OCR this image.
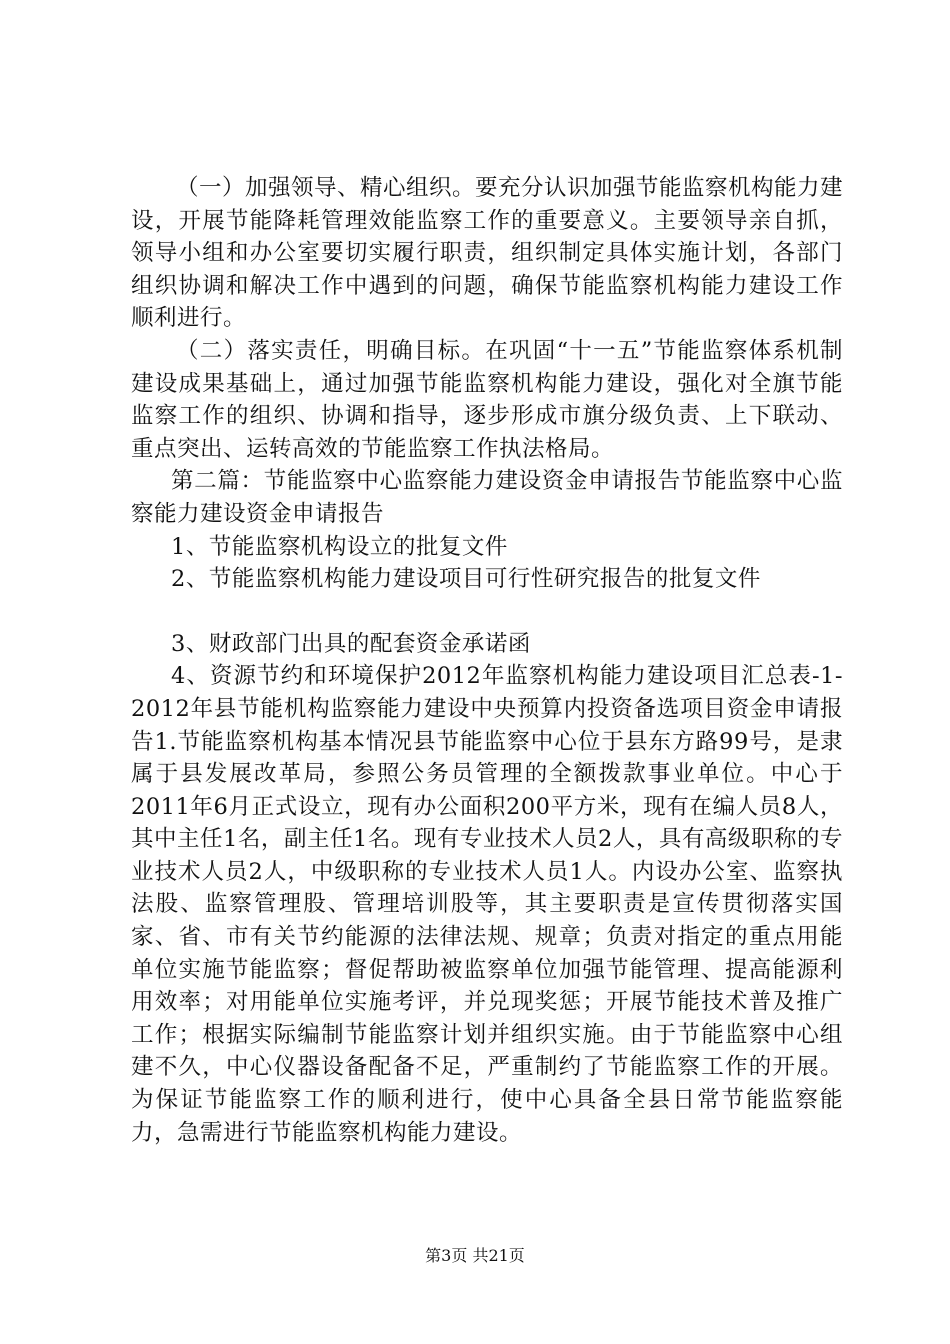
（一）加强领导、精心组织。要充分认识加强节能监察机构能力建设，开展节能降耗管理效能监察工作的重要意义。主要领导亲自抓，领导小组和办公室要切实履行职责，组织制定具体实施计划，各部门组织协调和解决工作中遇到的问题，确保节能监察机构能力建设工作顺利进行。

（二）落实责任，明确目标。在巩固“十一五”节能监察体系机制建设成果基础上，通过加强节能监察机构能力建设，强化对全旗节能监察工作的组织、协调和指导，逐步形成市旗分级负责、上下联动、重点突出、运转高效的节能监察工作执法格局。

第二篇：节能监察中心监察能力建设资金申请报告节能监察中心监察能力建设资金申请报告

1、节能监察机构设立的批复文件

2、节能监察机构能力建设项目可行性研究报告的批复文件

3、财政部门出具的配套资金承诺函

4、资源节约和环境保护2012年监察机构能力建设项目汇总表-1-2012年县节能机构监察能力建设中央预算内投资备选项目资金申请报告1.节能监察机构基本情况县节能监察中心位于县东方路99号，是隶属于县发展改革局，参照公务员管理的全额拨款事业单位。中心于2011年6月正式设立，现有办公面积200平方米，现有在编人员8人，其中主任1名，副主任1名。现有专业技术人员2人，具有高级职称的专业技术人员2人，中级职称的专业技术人员1人。内设办公室、监察执法股、监察管理股、管理培训股等，其主要职责是宣传贯彻落实国家、省、市有关节约能源的法律法规、规章；负责对指定的重点用能单位实施节能监察；督促帮助被监察单位加强节能管理、提高能源利用效率；对用能单位实施考评，并兑现奖惩；开展节能技术普及推广工作；根据实际编制节能监察计划并组织实施。由于节能监察中心组建不久，中心仪器设备配备不足，严重制约了节能监察工作的开展。为保证节能监察工作的顺利进行，使中心具备全县日常节能监察能力，急需进行节能监察机构能力建设。

第3页 共21页
